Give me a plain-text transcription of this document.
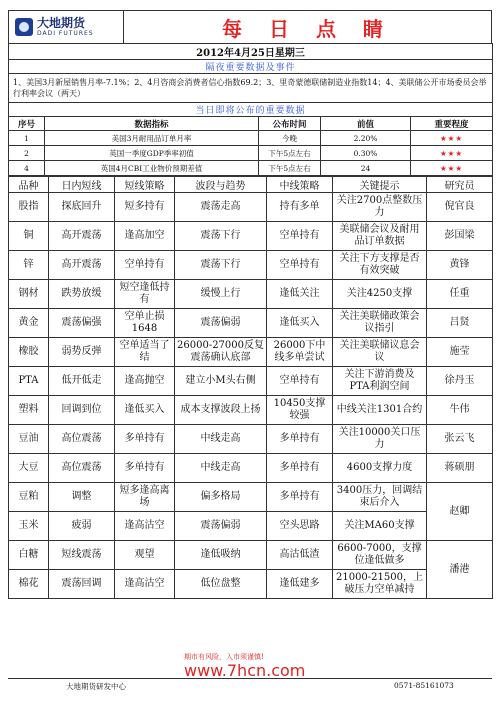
大地期货
DADI FUTURES	每 日 点 睛
2012年4月25日星期三				
隔夜重要数据及事件				
1、美国3月新屋销售月率-7.1%；2、4月咨商会消费者信心指数69.2；3、里奇蒙德联储制造业指数14；4、美联储公开市场委员会举行利率会议（两天）				
当日即将公布的重要数据				
序号	数据指标	公布时间	前值	重要程度
1	美国3月耐用品订单月率	今晚	2.20%	★★★
2	英国一季度GDP季率初值	下午5点左右	0.30%	★★★
4	英国4月CBI工业物价预期差值	下午5点左右	24	★★★
品种	日内短线	短线策略	波段与趋势	中线策略	关键提示	研究员
股指	探底回升	短多持有	震荡走高	持有多单	关注2700点整数压力	倪官良
铜	高开震荡	逢高加空	震荡下行	空单持有	美联储会议及耐用品订单数据	彭国梁
锌	高开震荡	空单持有	震荡下行	空单持有	关注下方支撑是否有效突破	黄锋
钢材	跌势放缓	短空逢低持有	缓慢上行	逢低关注	关注4250支撑	任重
黄金	震荡偏强	空单止损1648	震荡偏弱	逢低买入	关注美联储政策会议指引	吕贤
橡胶	弱势反弹	空单适当了结	26000-27000反复震荡确认底部	26000下中线多单尝试	关注美联储议息会议	施莹
PTA	低开低走	逢高抛空	建立小M头右侧	空单持有	关注下游消费及PTA利润空间	徐丹玉
塑料	回调到位	逢低买入	成本支撑波段上扬	10450支撑较强	中线关注1301合约	牛伟
豆油	高位震荡	多单持有	中线走高	多单持有	关注10000关口压力	张云飞
大豆	高位震荡	多单持有	中线走高	多单持有	4600支撑力度	蒋硕朋
豆粕	调整	短多逢高离场	偏多格局	多单持有	3400压力，回调结束后介入	赵卿
玉米	疲弱	逢高沽空	震荡偏弱	空头思路	关注MA60支撑	
白糖	短线震荡	观望	逢低吸纳	高沽低渣	6600-7000，支撑位逢低做多	潘港
棉花	震荡回调	逢高沽空	低位盘整	逢低建多	21000-21500，上破压力空单减持	
期市有风险，入市须谨慎!
www.7hcn.com
大地期货研发中心	0571-85161073
